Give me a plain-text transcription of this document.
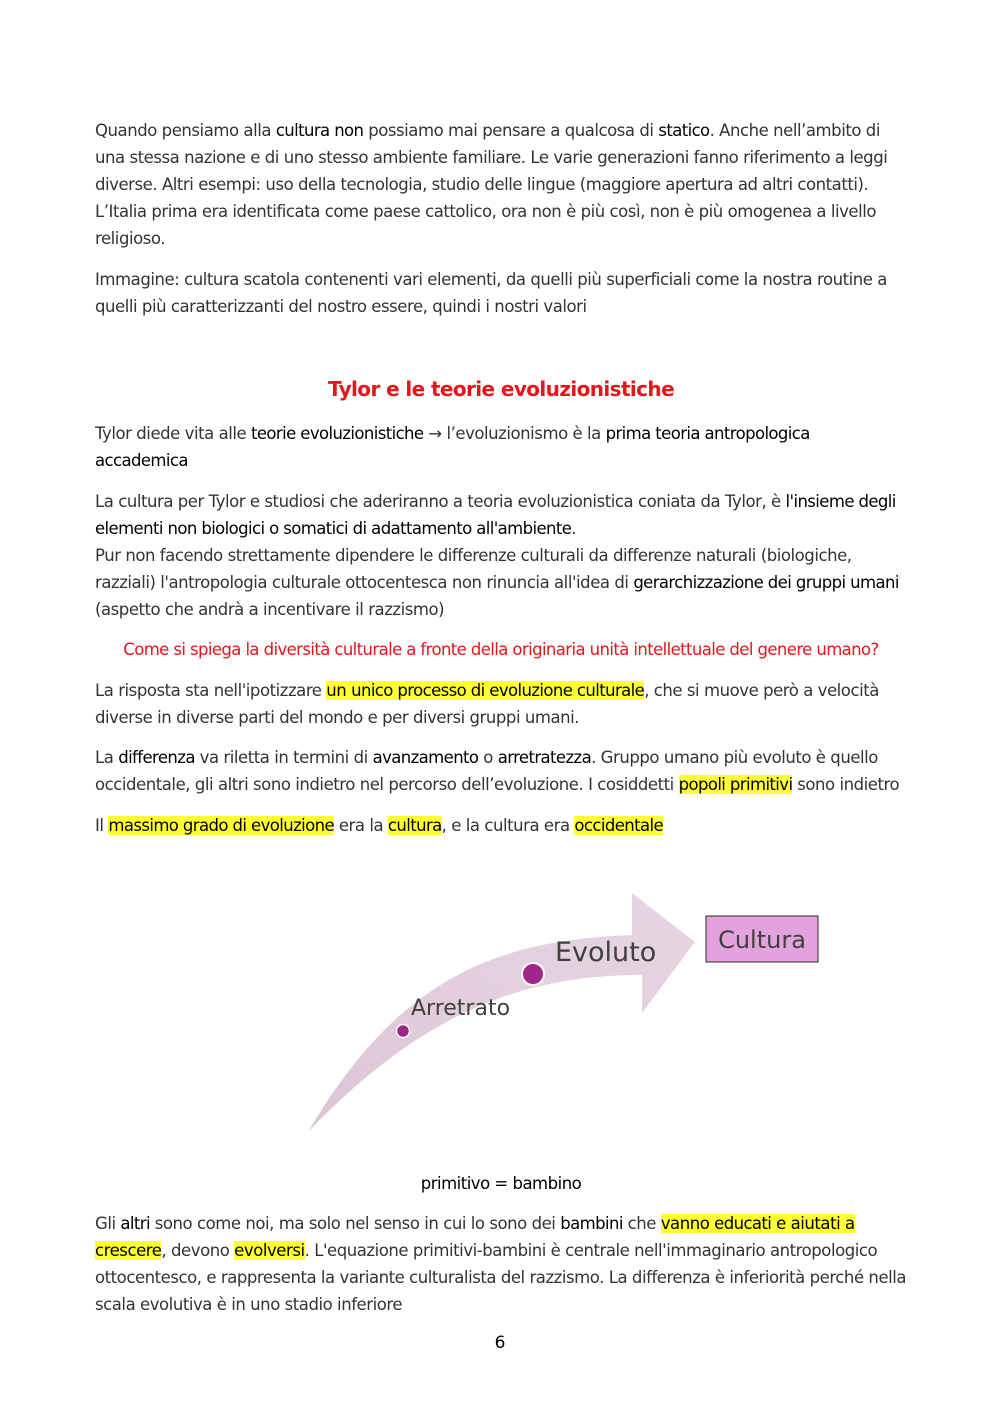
Quando pensiamo alla cultura non possiamo mai pensare a qualcosa di statico. Anche nell’ambito di una stessa nazione e di uno stesso ambiente familiare. Le varie generazioni fanno riferimento a leggi diverse. Altri esempi: uso della tecnologia, studio delle lingue (maggiore apertura ad altri contatti). L’Italia prima era identificata come paese cattolico, ora non è più così, non è più omogenea a livello religioso.

Immagine: cultura scatola contenenti vari elementi, da quelli più superficiali come la nostra routine a quelli più caratterizzanti del nostro essere, quindi i nostri valori

Tylor e le teorie evoluzionistiche

Tylor diede vita alle teorie evoluzionistiche → l’evoluzionismo è la prima teoria antropologica accademica

La cultura per Tylor e studiosi che aderiranno a teoria evoluzionistica coniata da Tylor, è l'insieme degli elementi non biologici o somatici di adattamento all'ambiente.
Pur non facendo strettamente dipendere le differenze culturali da differenze naturali (biologiche, razziali) l'antropologia culturale ottocentesca non rinuncia all'idea di gerarchizzazione dei gruppi umani
(aspetto che andrà a incentivare il razzismo)

Come si spiega la diversità culturale a fronte della originaria unità intellettuale del genere umano?

La risposta sta nell'ipotizzare un unico processo di evoluzione culturale, che si muove però a velocità diverse in diverse parti del mondo e per diversi gruppi umani.

La differenza va riletta in termini di avanzamento o arretratezza. Gruppo umano più evoluto è quello occidentale, gli altri sono indietro nel percorso dell’evoluzione. I cosiddetti popoli primitivi sono indietro

Il massimo grado di evoluzione era la cultura, e la cultura era occidentale

Arretrato
Evoluto	Cultura

primitivo = bambino

Gli altri sono come noi, ma solo nel senso in cui lo sono dei bambini che vanno educati e aiutati a crescere, devono evolversi. L'equazione primitivi-bambini è centrale nell'immaginario antropologico ottocentesco, e rappresenta la variante culturalista del razzismo. La differenza è inferiorità perché nella scala evolutiva è in uno stadio inferiore

6
